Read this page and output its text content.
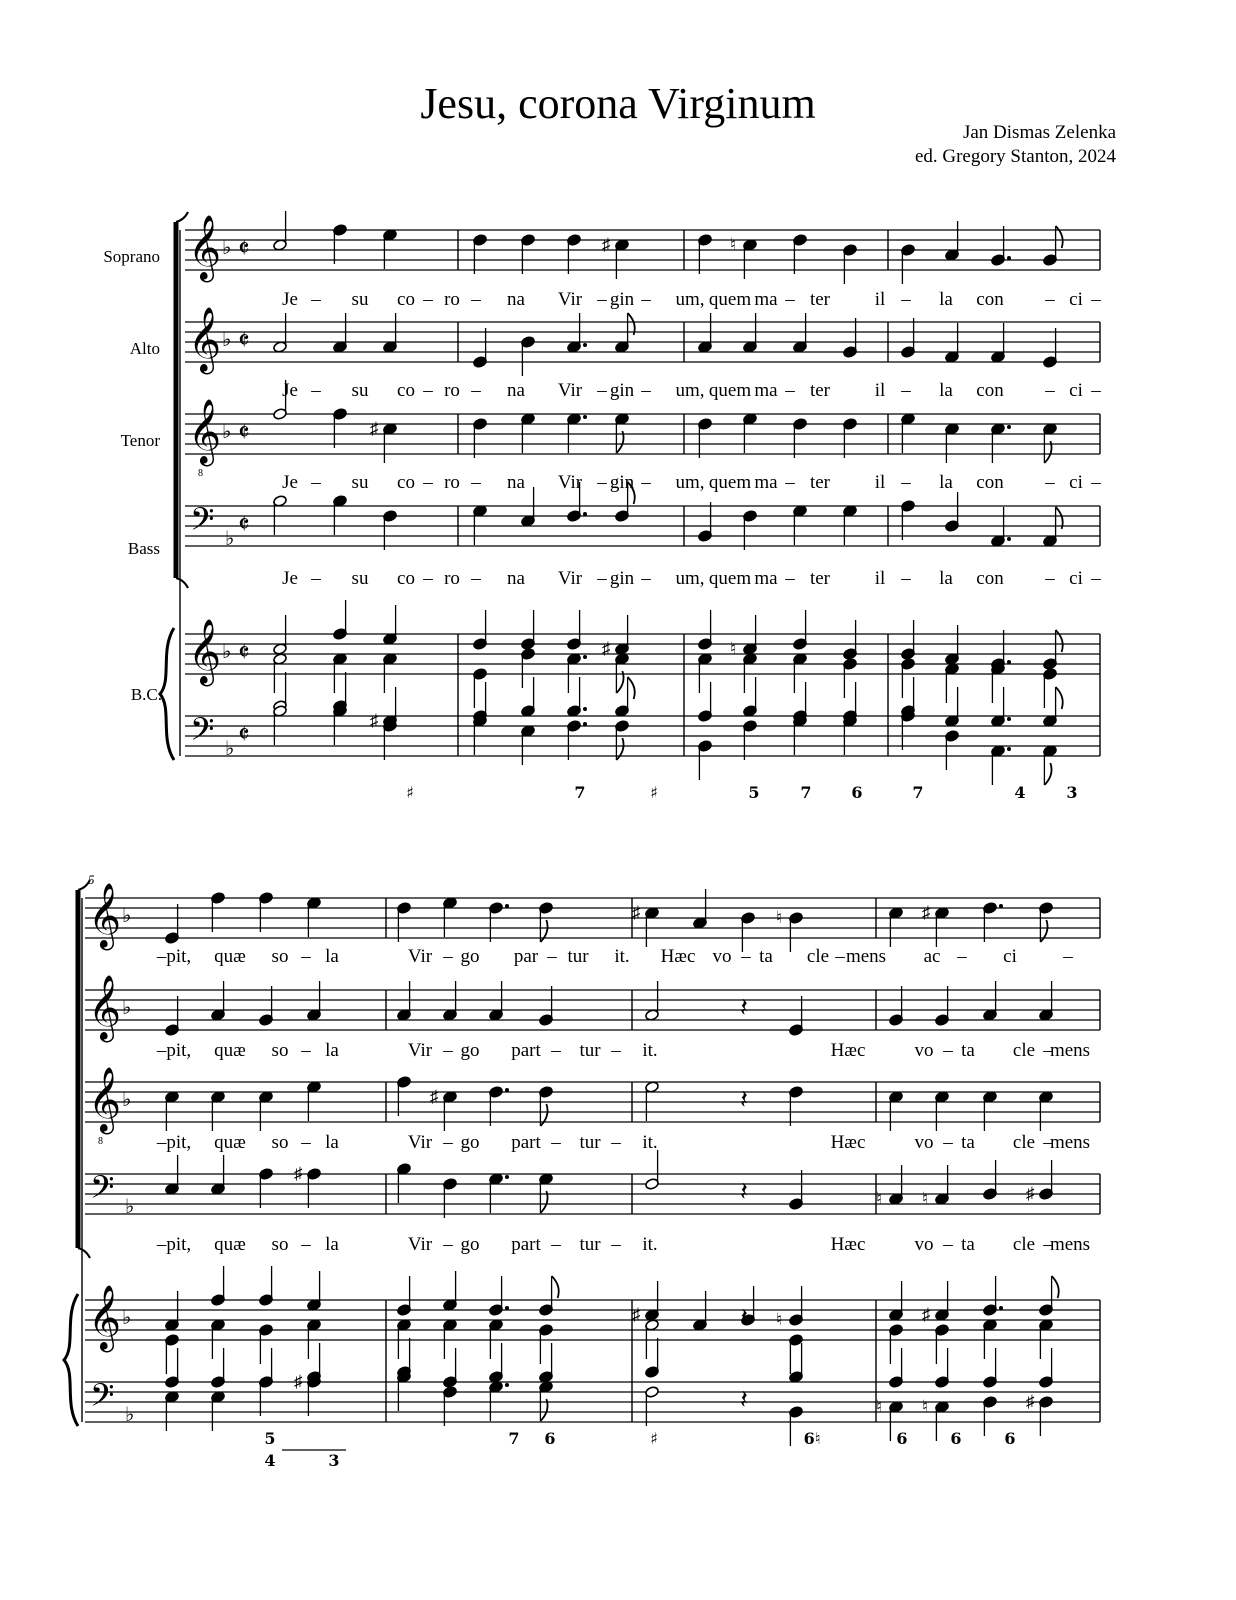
Jesu, corona Virginum
Jan Dismas Zelenka
ed. Gregory Stanton, 2024
Soprano
Alto
Tenor
Bass
B.C.
𝄞 ♭ 𝄵
𝄞 ♭ 𝄵
𝄞
8
♭ 𝄵
𝄢 ♭ 𝄵
𝄞 ♭ 𝄵
𝄢 ♭ 𝄵
♯	♮
♯
♯	♮
♯
Je – su co – ro – na Vir – gin – um, quem ma – ter il – la con – ci –
Je – su co – ro – na Vir – gin – um, quem ma – ter il – la con – ci –
Je – su co – ro – na Vir – gin – um, quem ma – ter il – la con – ci –
Je – su co – ro – na Vir – gin – um, quem ma – ter il – la con – ci –
♯	7	♯	5	7 6	7	4	3
5
𝄞 ♭
𝄞 ♭
𝄞
8
♭
𝄢 ♭
𝄞 ♭
𝄢 ♭
♯	♮	♯
𝄽
♯	𝄽
♯
♮ ♮	♯
𝄽
♯	♮	♯
𝄽
♯
♮ ♮	♯
𝄽
–pit, quæ so – la	Vir – go par – tur it. Hæc vo – ta cle – mens ac – ci –
–pit, quæ so – la	Vir – go part – tur – it.	Hæc	vo – ta cle –
mens
–pit, quæ so – la	Vir – go part – tur – it.	Hæc	vo – ta cle –
mens
–pit, quæ so – la	Vir – go part – tur – it.	Hæc	vo – ta cle –
mens
5
4	3
7 6	♯	6♮	6	6	6
